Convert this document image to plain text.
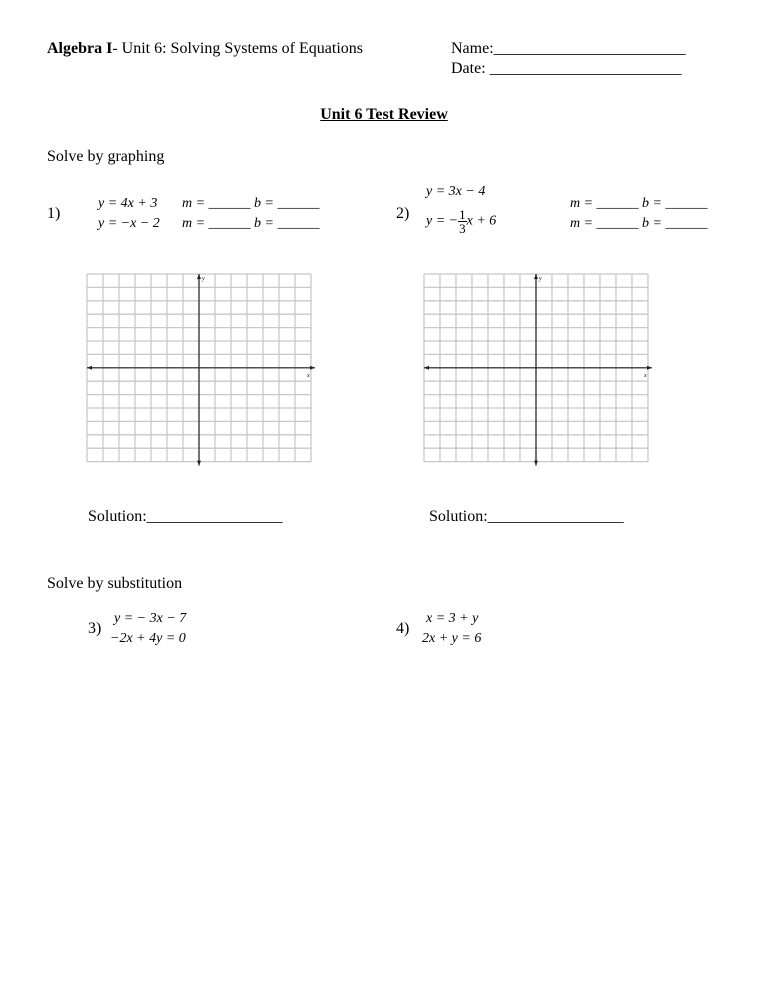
Algebra I- Unit 6: Solving Systems of Equations	Name:________________________
Date: ________________________
Unit 6 Test Review
Solve by graphing
1)
y = 4x + 3
y = −x − 2
m = ______ b = ______
m = ______ b = ______
2)
y = 3x − 4
y = − $\frac{1}{3}$ x + 6
m = ______ b = ______
m = ______ b = ______
x
y
x
y
Solution:_________________	Solution:_________________
Solve by substitution
3)
y = − 3x − 7
−2x + 4y = 0
4)
x = 3 + y
2x + y = 6
